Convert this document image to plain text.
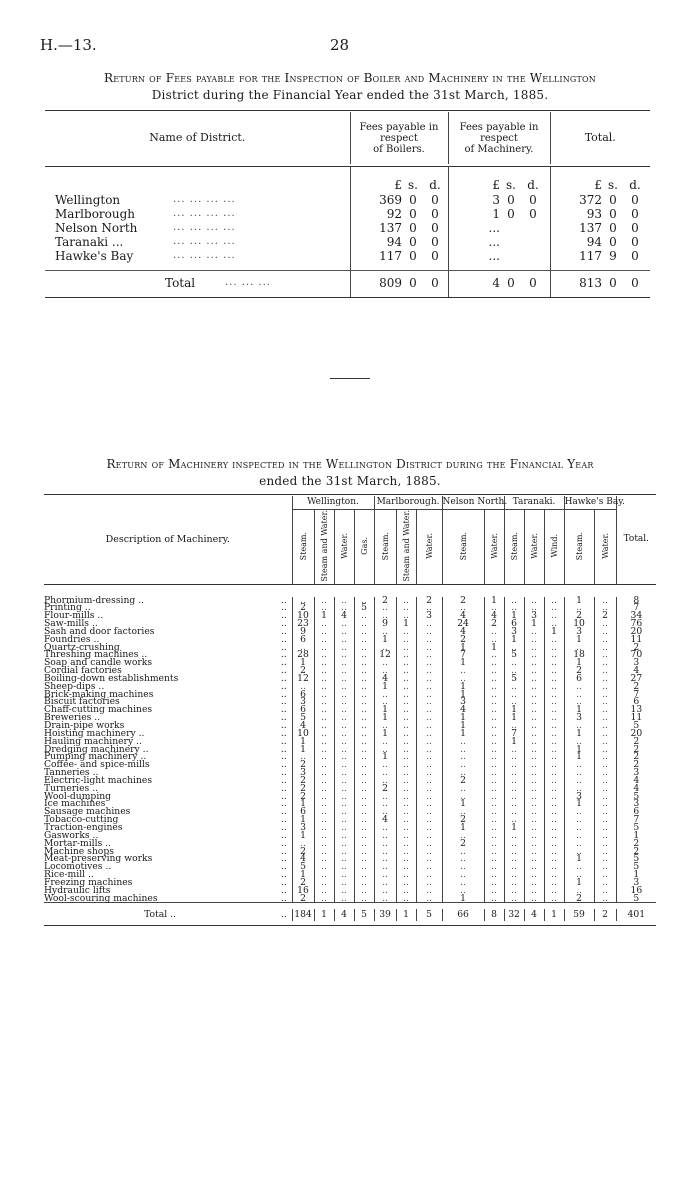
H.—13.	28
Return of Fees payable for the Inspection of Boiler and Machinery in the Wellington
District during the Financial Year ended the 31st March, 1885.
Name of District.	
Fees payable in
respect
of Boilers.

Fees payable in
respect
of Machinery.
	Total.
£ s. d.	£ s. d.	£ s. d.
Wellington	... ... ... ...	369 0	0	3 0	0	372 0	0
Marlborough	... ... ... ...	92 0	0	1 0	0	93 0	0
Nelson North	... ... ... ...	137 0	0	...	137 0	0
Taranaki ...	... ... ... ...	94 0	0	...	94 0	0
Hawke's Bay	... ... ... ...	117 0	0	...	117 9	0
Total	... ... ...	809 0	0	4 0	0	813 0	0
Return of Machinery inspected in the Wellington District during the Financial Year
ended the 31st March, 1885.
Description of Machinery.		Wellington.				Marlborough.			Nelson North.		Taranaki.			Hawke's Bay.		Total.
		Steam.	Steam and Water.	Water.	Gas.	Steam.	Steam and Water.	Water.	Steam.	Water.	Steam.	Water.	Wind.	Steam.	Water.	

Phormium-dressing ..	..	..	..	..	..	2	..	2	2	1	..	..	..	1	..	8
Printing ..	..	2	..	..	5	..	..	..	..	..	..	..	..	..	..	7
Flour-mills ..	..	10	1	4	..	..	..	3	4	4	1	3	..	2	2	34
Saw-mills ..	..	23	..	..	..	9	1	..	24	2	6	1	..	10	..	76
Sash and door factories	..	9	..	..	..	..	..	..	4	..	3	..	1	3	..	20
Foundries ..	..	6	..	..	..	1	..	..	2	..	1	..	..	1	..	11
Quartz-crushing	..	..	..	..	..	..	..	..	1	1	..	..	..	..	..	2
Threshing machines ..	..	28	..	..	..	12	..	..	7	..	5	..	..	18	..	70
Soap and candle works	..	1	..	..	..	..	..	..	1	..	..	..	..	1	..	3
Cordial factories	..	2	..	..	..	..	..	..	..	..	..	..	..	2	..	4
Boiling-down establishments	..	12	..	..	..	4	..	..	..	..	5	..	..	6	..	27
Sheep-dips ..	..	..	..	..	..	1	..	..	1	..	..	..	..	..	..	2
Brick-making machines	..	6	..	..	..	..	..	..	1	..	..	..	..	..	..	7
Biscuit factories	..	3	..	..	..	..	..	..	3	..	..	..	..	..	..	6
Chaff-cutting machines	..	6	..	..	..	1	..	..	4	..	1	..	..	1	..	13
Breweries ..	..	5	..	..	..	1	..	..	1	..	1	..	..	3	..	11
Drain-pipe works	..	4	..	..	..	..	..	..	1	..	..	..	..	..	..	5
Hoisting machinery ..	..	10	..	..	..	1	..	..	1	..	7	..	..	1	..	20
Hauling machinery ..	..	1	..	..	..	..	..	..	..	..	1	..	..	..	..	2
Dredging machinery ..	..	1	..	..	..	..	..	..	..	..	..	..	..	1	..	2
Pumping machinery ..	..	..	..	..	..	1	..	..	..	..	..	..	..	1	..	2
Coffee- and spice-mills	..	2	..	..	..	..	..	..	..	..	..	..	..	..	..	2
Tanneries ..	..	3	..	..	..	..	..	..	..	..	..	..	..	..	..	3
Electric-light machines	..	2	..	..	..	..	..	..	2	..	..	..	..	..	..	4
Turneries ..	..	2	..	..	..	2	..	..	..	..	..	..	..	..	..	4
Wool-dumping	..	2	..	..	..	..	..	..	..	..	..	..	..	3	..	5
Ice machines	..	1	..	..	..	..	..	..	1	..	..	..	..	1	..	3
Sausage machines	..	6	..	..	..	..	..	..	..	..	..	..	..	..	..	6
Tobacco-cutting	..	1	..	..	..	4	..	..	2	..	..	..	..	..	..	7
Traction-engines	..	3	..	..	..	..	..	..	1	..	1	..	..	..	..	5
Gasworks ..	..	1	..	..	..	..	..	..	..	..	..	..	..	..	..	1
Mortar-mills ..	..	..	..	..	..	..	..	..	2	..	..	..	..	..	..	2
Machine shops	..	2	..	..	..	..	..	..	..	..	..	..	..	..	..	2
Meat-preserving works	..	4	..	..	..	..	..	..	..	..	..	..	..	1	..	5
Locomotives ..	..	5	..	..	..	..	..	..	..	..	..	..	..	..	..	5
Rice-mill ..	..	1	..	..	..	..	..	..	..	..	..	..	..	..	..	1
Freezing machines	..	2	..	..	..	..	..	..	..	..	..	..	..	1	..	3
Hydraulic lifts	..	16	..	..	..	..	..	..	..	..	..	..	..	..	..	16
Wool-scouring machines	..	2	..	..	..	..	..	..	1	..	..	..	..	2	..	5

Total ..	..	184	1	4	5	39	1	5	66	8	32	4	1	59	2	401
